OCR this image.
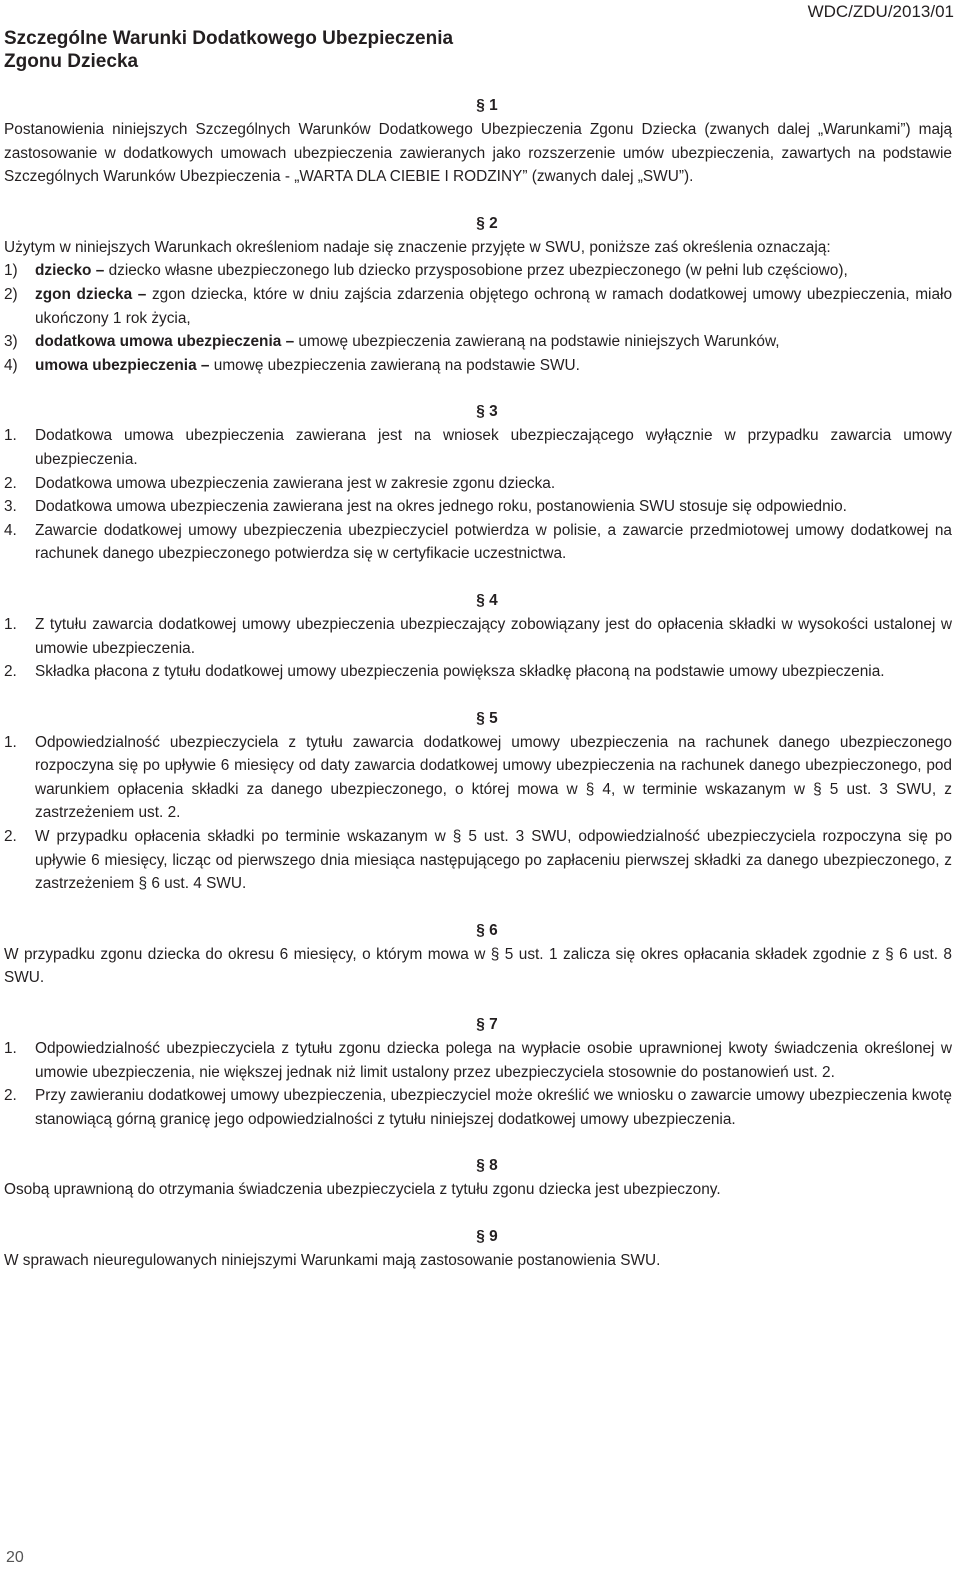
WDC/ZDU/2013/01
Szczególne Warunki Dodatkowego Ubezpieczenia
Zgonu Dziecka
§ 1
Postanowienia niniejszych Szczególnych Warunków Dodatkowego Ubezpieczenia Zgonu Dziecka (zwanych dalej „Warunkami”) mają zastosowanie w dodatkowych umowach ubezpieczenia zawieranych jako rozszerzenie umów ubezpieczenia, zawartych na podstawie Szczególnych Warunków Ubezpieczenia - „WARTA DLA CIEBIE I RODZINY” (zwanych dalej „SWU”).
§ 2
Użytym w niniejszych Warunkach określeniom nadaje się znaczenie przyjęte w SWU, poniższe zaś określenia oznaczają:
1)	dziecko – dziecko własne ubezpieczonego lub dziecko przysposobione przez ubezpieczonego (w pełni lub częściowo),
2)	zgon dziecka – zgon dziecka, które w dniu zajścia zdarzenia objętego ochroną w ramach dodatkowej umowy ubezpieczenia, miało ukończony 1 rok życia,
3)	dodatkowa umowa ubezpieczenia – umowę ubezpieczenia zawieraną na podstawie niniejszych Warunków,
4)	umowa ubezpieczenia – umowę ubezpieczenia zawieraną na podstawie SWU.
§ 3
1.	Dodatkowa umowa ubezpieczenia zawierana jest na wniosek ubezpieczającego wyłącznie w przypadku zawarcia umowy ubezpieczenia.
2.	Dodatkowa umowa ubezpieczenia zawierana jest w zakresie zgonu dziecka.
3.	Dodatkowa umowa ubezpieczenia zawierana jest na okres jednego roku, postanowienia SWU stosuje się odpowiednio.
4.	Zawarcie dodatkowej umowy ubezpieczenia ubezpieczyciel potwierdza w polisie, a zawarcie przedmiotowej umowy dodatkowej na rachunek danego ubezpieczonego potwierdza się w certyfikacie uczestnictwa.
§ 4
1.	Z tytułu zawarcia dodatkowej umowy ubezpieczenia ubezpieczający zobowiązany jest do opłacenia składki w wysokości ustalonej w umowie ubezpieczenia.
2.	Składka płacona z tytułu dodatkowej umowy ubezpieczenia powiększa składkę płaconą na podstawie umowy ubezpieczenia.
§ 5
1.	Odpowiedzialność ubezpieczyciela z tytułu zawarcia dodatkowej umowy ubezpieczenia na rachunek danego ubezpieczonego rozpoczyna się po upływie 6 miesięcy od daty zawarcia dodatkowej umowy ubezpieczenia na rachunek danego ubezpieczonego, pod warunkiem opłacenia składki za danego ubezpieczonego, o której mowa w § 4, w terminie wskazanym w § 5 ust. 3 SWU, z zastrzeżeniem ust. 2.
2.	W przypadku opłacenia składki po terminie wskazanym w § 5 ust. 3 SWU, odpowiedzialność ubezpieczyciela rozpoczyna się po upływie 6 miesięcy, licząc od pierwszego dnia miesiąca następującego po zapłaceniu pierwszej składki za danego ubezpieczonego, z zastrzeżeniem § 6 ust. 4 SWU.
§ 6
W przypadku zgonu dziecka do okresu 6 miesięcy, o którym mowa w § 5 ust. 1 zalicza się okres opłacania składek zgodnie z § 6 ust. 8 SWU.
§ 7
1.	Odpowiedzialność ubezpieczyciela z tytułu zgonu dziecka polega na wypłacie osobie uprawnionej kwoty świadczenia określonej w umowie ubezpieczenia, nie większej jednak niż limit ustalony przez ubezpieczyciela stosownie do postanowień ust. 2.
2.	Przy zawieraniu dodatkowej umowy ubezpieczenia, ubezpieczyciel może określić we wniosku o zawarcie umowy ubezpieczenia kwotę stanowiącą górną granicę jego odpowiedzialności z tytułu niniejszej dodatkowej umowy ubezpieczenia.
§ 8
Osobą uprawnioną do otrzymania świadczenia ubezpieczyciela z tytułu zgonu dziecka jest ubezpieczony.
§ 9
W sprawach nieuregulowanych niniejszymi Warunkami mają zastosowanie postanowienia SWU.
20
